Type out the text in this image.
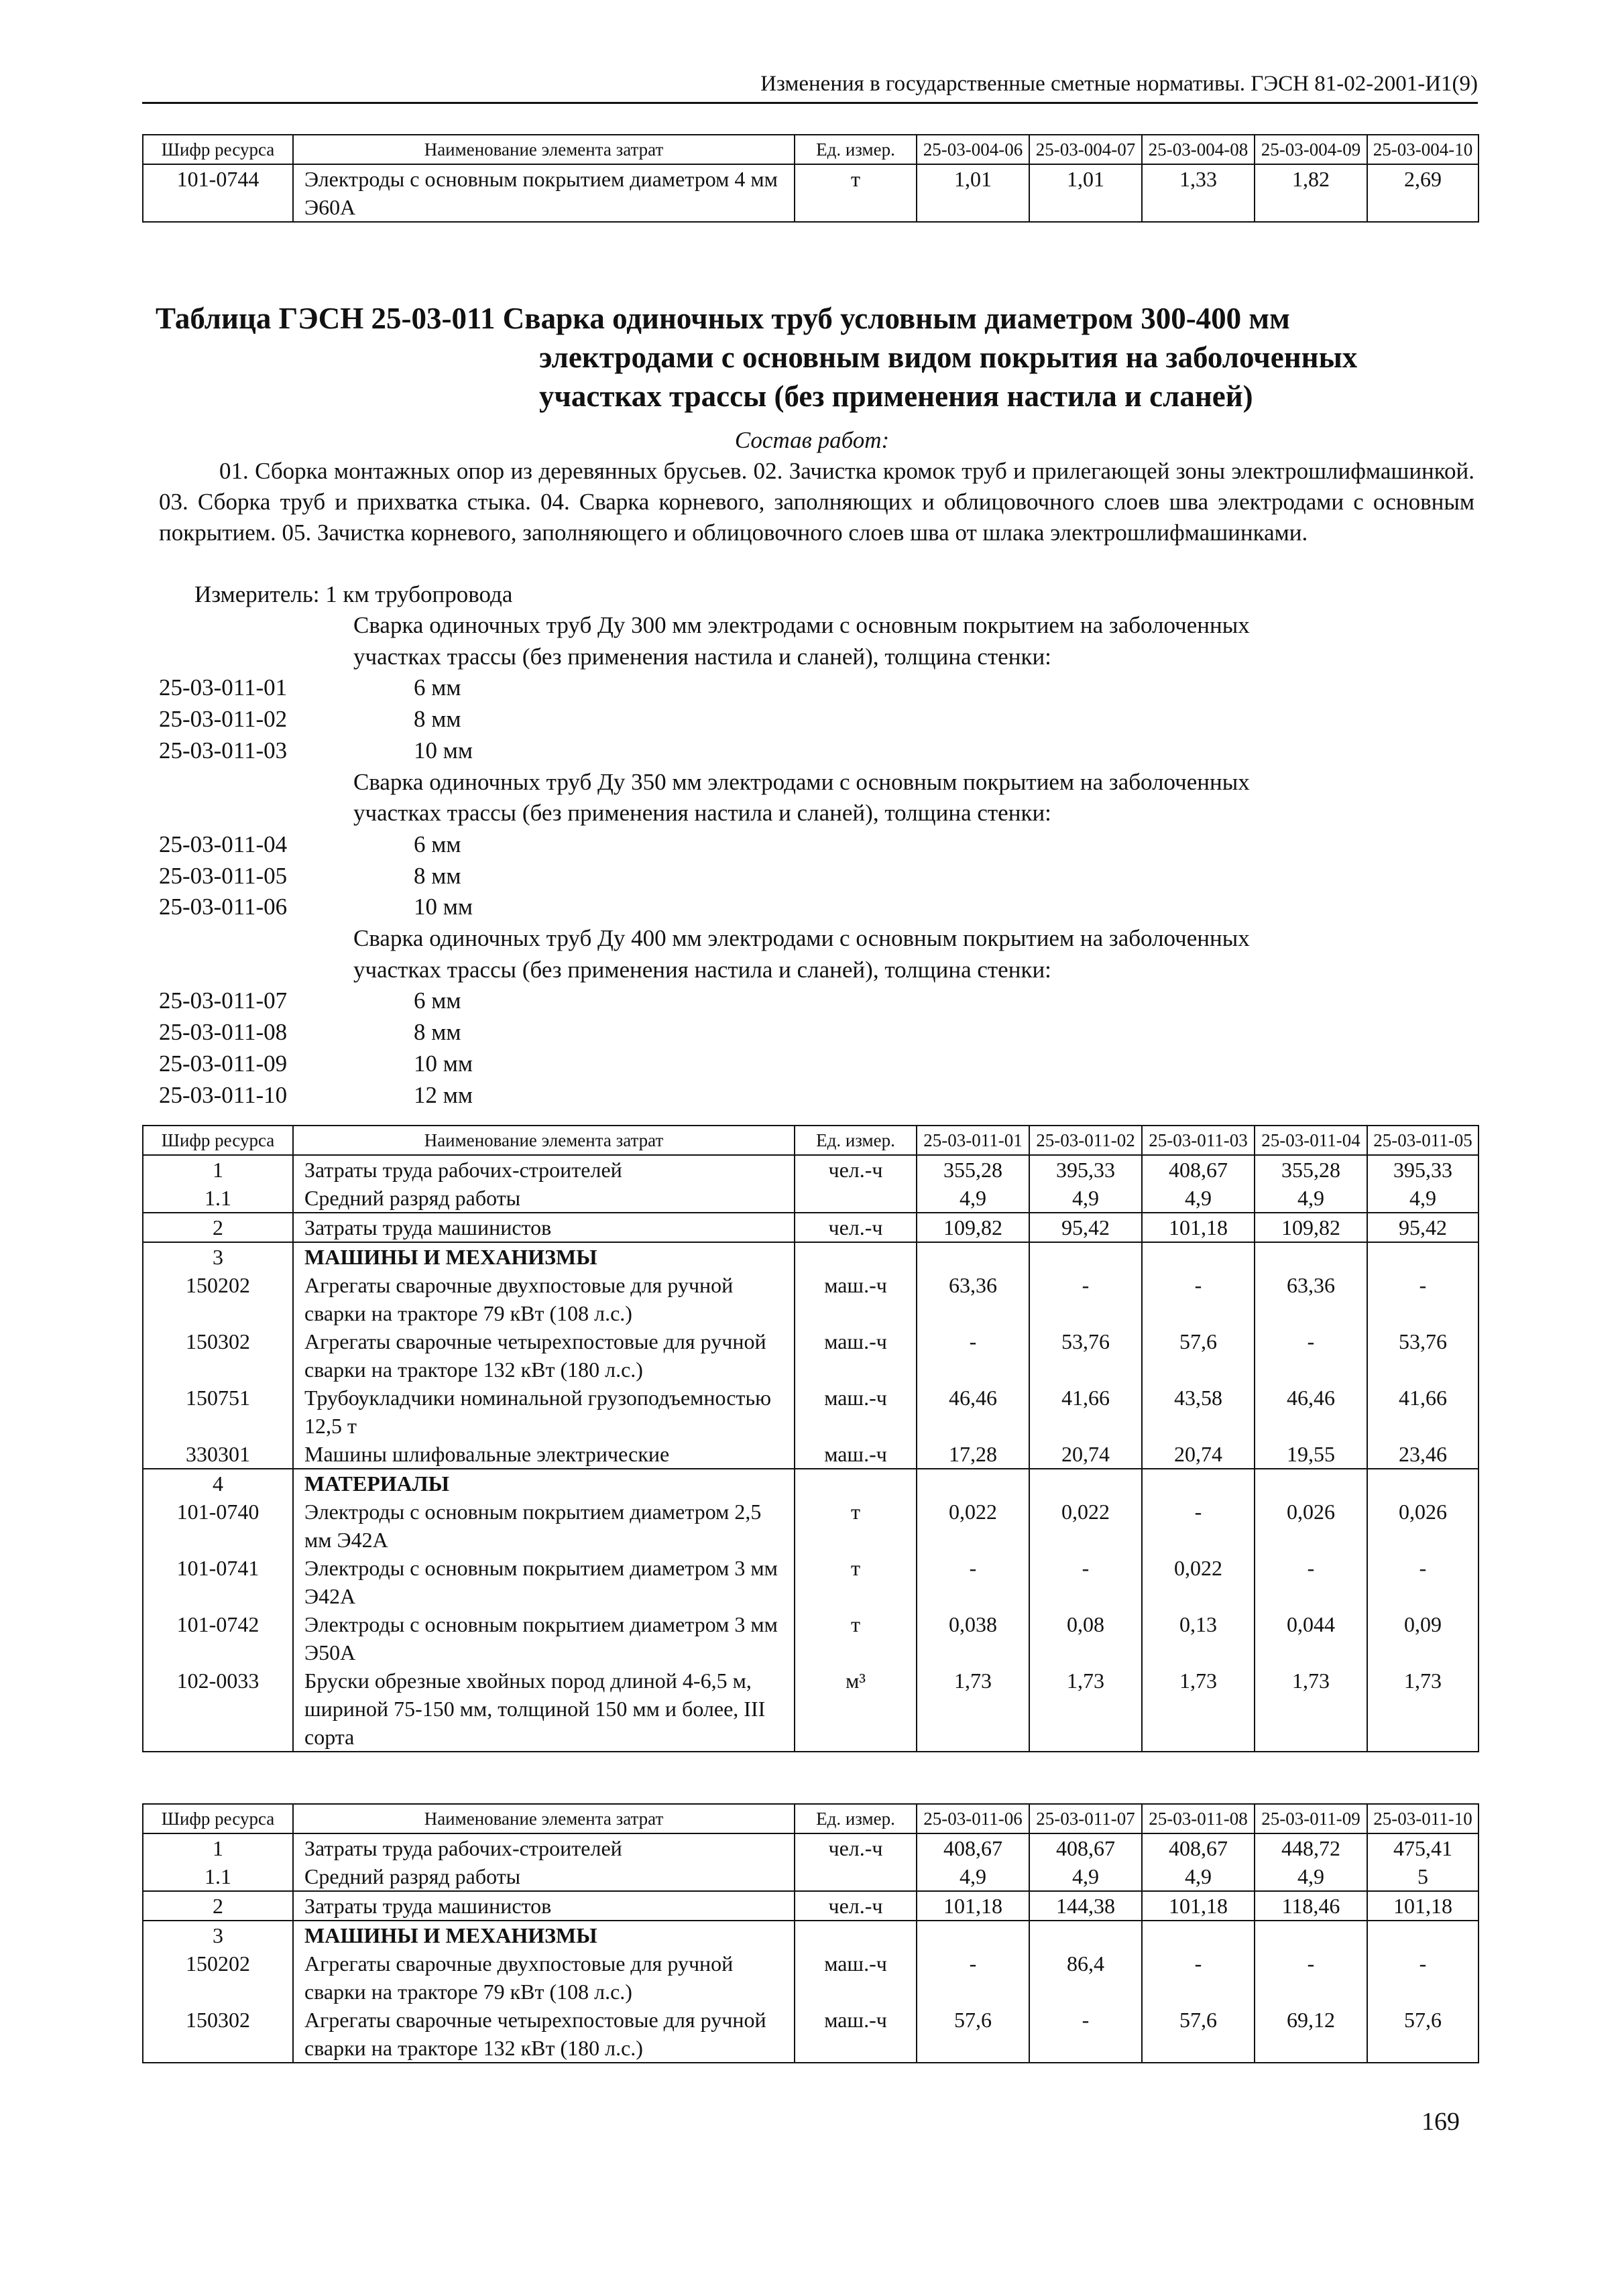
Изменения в государственные сметные нормативы. ГЭСН 81-02-2001-И1(9)
Шифр ресурса	Наименование элемента затрат	Ед. измер.	25-03-004-06	25-03-004-07	25-03-004-08	25-03-004-09	25-03-004-10
101-0744	Электроды с основным покрытием диаметром 4 мм Э60А	т	1,01	1,01	1,33	1,82	2,69
Таблица ГЭСН 25-03-011 Сварка одиночных труб условным диаметром 300-400 мм
электродами с основным видом покрытия на заболоченных
участках трассы (без применения настила и сланей)
Состав работ:
01. Сборка монтажных опор из деревянных брусьев. 02. Зачистка кромок труб и прилегающей зоны электрошлифмашинкой. 03. Сборка труб и прихватка стыка. 04. Сварка корневого, заполняющих и облицовочного слоев шва электродами с основным покрытием. 05. Зачистка корневого, заполняющего и облицовочного слоев шва от шлака электрошлифмашинками.
Измеритель: 1 км трубопровода
Сварка одиночных труб Ду 300 мм электродами с основным покрытием на заболоченных
участках трассы (без применения настила и сланей), толщина стенки:
25-03-011-01	6 мм
25-03-011-02	8 мм
25-03-011-03	10 мм
Сварка одиночных труб Ду 350 мм электродами с основным покрытием на заболоченных
участках трассы (без применения настила и сланей), толщина стенки:
25-03-011-04	6 мм
25-03-011-05	8 мм
25-03-011-06	10 мм
Сварка одиночных труб Ду 400 мм электродами с основным покрытием на заболоченных
участках трассы (без применения настила и сланей), толщина стенки:
25-03-011-07	6 мм
25-03-011-08	8 мм
25-03-011-09	10 мм
25-03-011-10	12 мм
Шифр ресурса	Наименование элемента затрат	Ед. измер.	25-03-011-01	25-03-011-02	25-03-011-03	25-03-011-04	25-03-011-05
1	Затраты труда рабочих-строителей	чел.-ч	355,28	395,33	408,67	355,28	395,33
1.1	Средний разряд работы		4,9	4,9	4,9	4,9	4,9
2	Затраты труда машинистов	чел.-ч	109,82	95,42	101,18	109,82	95,42
3	МАШИНЫ И МЕХАНИЗМЫ						
150202	Агрегаты сварочные двухпостовые для ручной сварки на тракторе 79 кВт (108 л.с.)	маш.-ч	63,36	-	-	63,36	-
150302	Агрегаты сварочные четырехпостовые для ручной сварки на тракторе 132 кВт (180 л.с.)	маш.-ч	-	53,76	57,6	-	53,76
150751	Трубоукладчики номинальной грузоподъемностью 12,5 т	маш.-ч	46,46	41,66	43,58	46,46	41,66
330301	Машины шлифовальные электрические	маш.-ч	17,28	20,74	20,74	19,55	23,46
4	МАТЕРИАЛЫ						
101-0740	Электроды с основным покрытием диаметром 2,5 мм Э42А	т	0,022	0,022	-	0,026	0,026
101-0741	Электроды с основным покрытием диаметром 3 мм Э42А	т	-	-	0,022	-	-
101-0742	Электроды с основным покрытием диаметром 3 мм Э50А	т	0,038	0,08	0,13	0,044	0,09
102-0033	Бруски обрезные хвойных пород длиной 4-6,5 м, шириной 75-150 мм, толщиной 150 мм и более, III сорта	м³	1,73	1,73	1,73	1,73	1,73
Шифр ресурса	Наименование элемента затрат	Ед. измер.	25-03-011-06	25-03-011-07	25-03-011-08	25-03-011-09	25-03-011-10
1	Затраты труда рабочих-строителей	чел.-ч	408,67	408,67	408,67	448,72	475,41
1.1	Средний разряд работы		4,9	4,9	4,9	4,9	5
2	Затраты труда машинистов	чел.-ч	101,18	144,38	101,18	118,46	101,18
3	МАШИНЫ И МЕХАНИЗМЫ						
150202	Агрегаты сварочные двухпостовые для ручной сварки на тракторе 79 кВт (108 л.с.)	маш.-ч	-	86,4	-	-	-
150302	Агрегаты сварочные четырехпостовые для ручной сварки на тракторе 132 кВт (180 л.с.)	маш.-ч	57,6	-	57,6	69,12	57,6
169
